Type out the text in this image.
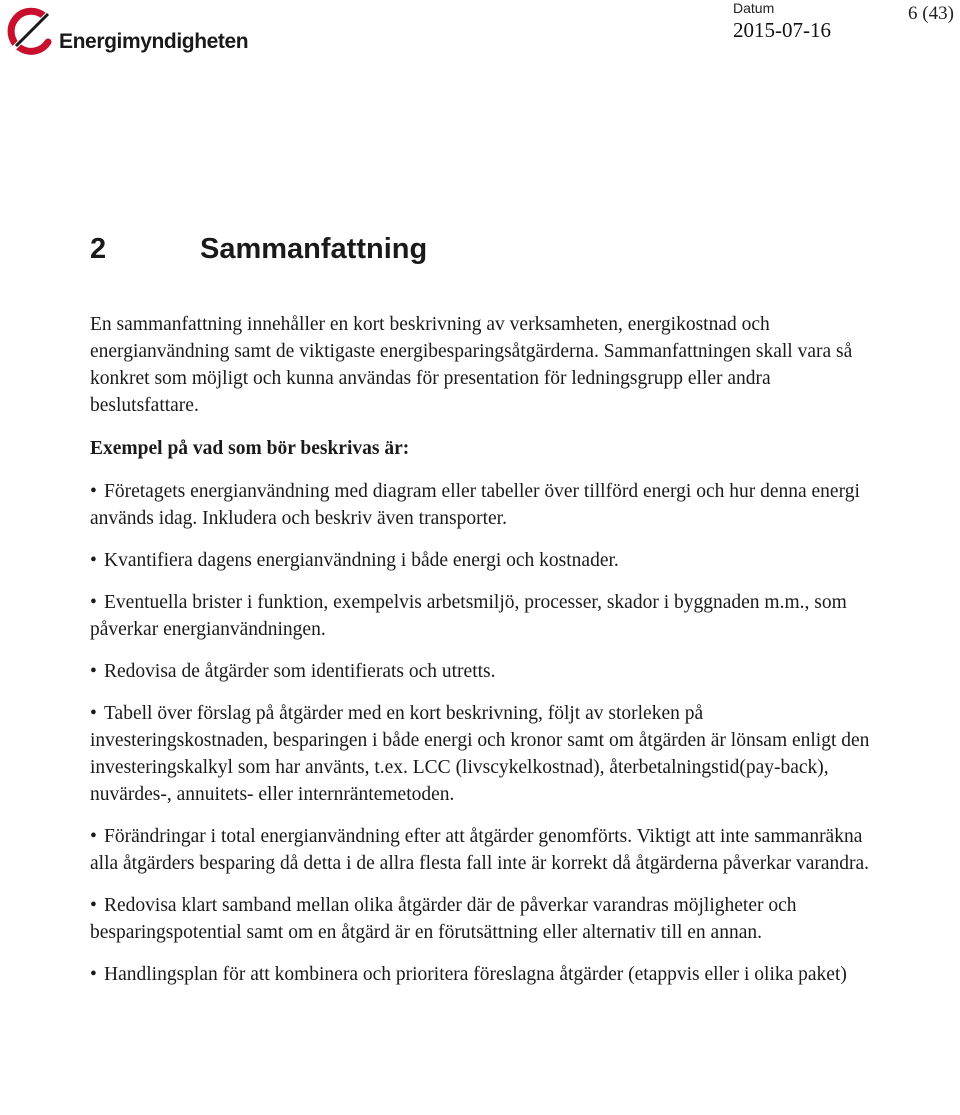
Energimyndigheten
Datum
2015-07-16
6 (43)
2	Sammanfattning

En sammanfattning innehåller en kort beskrivning av verksamheten, energikostnad och energianvändning samt de viktigaste energibesparingsåtgärderna. Sammanfattningen skall vara så konkret som möjligt och kunna användas för presentation för ledningsgrupp eller andra beslutsfattare.

Exempel på vad som bör beskrivas är:

• Företagets energianvändning med diagram eller tabeller över tillförd energi och hur denna energi används idag. Inkludera och beskriv även transporter.
• Kvantifiera dagens energianvändning i både energi och kostnader.
• Eventuella brister i funktion, exempelvis arbetsmiljö, processer, skador i byggnaden m.m., som påverkar energianvändningen.
• Redovisa de åtgärder som identifierats och utretts.
• Tabell över förslag på åtgärder med en kort beskrivning, följt av storleken på investeringskostnaden, besparingen i både energi och kronor samt om åtgärden är lönsam enligt den investeringskalkyl som har använts, t.ex. LCC (livscykelkostnad), återbetalningstid(pay-back), nuvärdes-, annuitets- eller internräntemetoden.
• Förändringar i total energianvändning efter att åtgärder genomförts. Viktigt att inte sammanräkna alla åtgärders besparing då detta i de allra flesta fall inte är korrekt då åtgärderna påverkar varandra.
• Redovisa klart samband mellan olika åtgärder där de påverkar varandras möjligheter och besparingspotential samt om en åtgärd är en förutsättning eller alternativ till en annan.
• Handlingsplan för att kombinera och prioritera föreslagna åtgärder (etappvis eller i olika paket)
